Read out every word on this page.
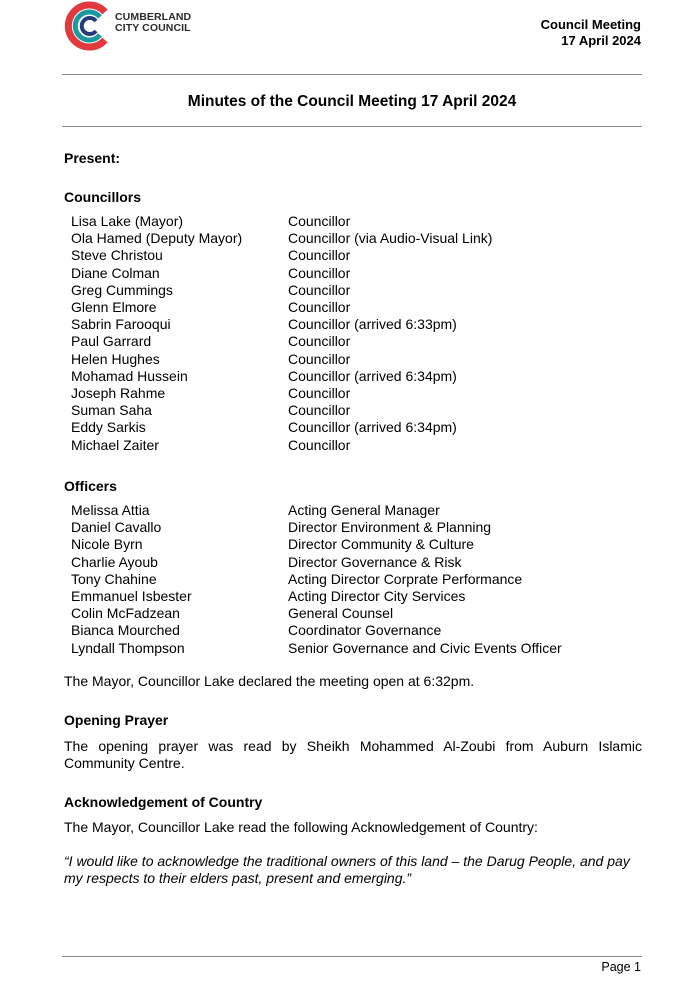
CUMBERLAND
CITY COUNCIL	Council Meeting
17 April 2024
Minutes of the Council Meeting 17 April 2024
Present:
Councillors
Lisa Lake (Mayor)	Councillor
Ola Hamed (Deputy Mayor)	Councillor (via Audio-Visual Link)
Steve Christou	Councillor
Diane Colman	Councillor
Greg Cummings	Councillor
Glenn Elmore	Councillor
Sabrin Farooqui	Councillor (arrived 6:33pm)
Paul Garrard	Councillor
Helen Hughes	Councillor
Mohamad Hussein	Councillor (arrived 6:34pm)
Joseph Rahme	Councillor
Suman Saha	Councillor
Eddy Sarkis	Councillor (arrived 6:34pm)
Michael Zaiter	Councillor
Officers
Melissa Attia	Acting General Manager
Daniel Cavallo	Director Environment & Planning
Nicole Byrn	Director Community & Culture
Charlie Ayoub	Director Governance & Risk
Tony Chahine	Acting Director Corprate Performance
Emmanuel Isbester	Acting Director City Services
Colin McFadzean	General Counsel
Bianca Mourched	Coordinator Governance
Lyndall Thompson	Senior Governance and Civic Events Officer
The Mayor, Councillor Lake declared the meeting open at 6:32pm.
Opening Prayer
The opening prayer was read by Sheikh Mohammed Al-Zoubi from Auburn Islamic Community Centre.
Acknowledgement of Country
The Mayor, Councillor Lake read the following Acknowledgement of Country:
“I would like to acknowledge the traditional owners of this land – the Darug People, and pay my respects to their elders past, present and emerging.”
Page 1
